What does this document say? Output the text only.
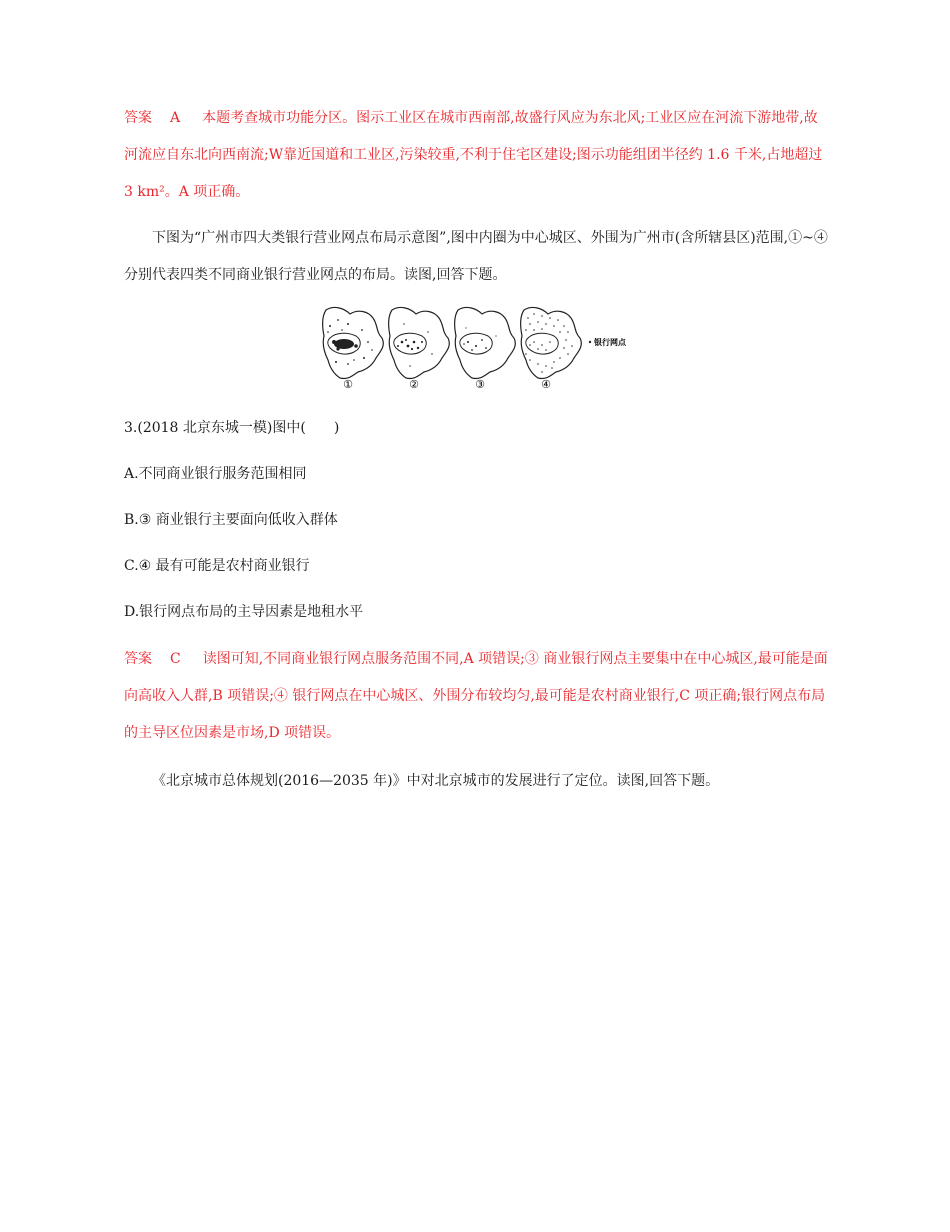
答案 A 本题考查城市功能分区。图示工业区在城市西南部,故盛行风应为东北风;工业区应在河流下游地带,故河流应自东北向西南流;W靠近国道和工业区,污染较重,不利于住宅区建设;图示功能组团半径约 1.6 千米,占地超过 3 km²。A 项正确。

下图为“广州市四大类银行营业网点布局示意图”,图中内圈为中心城区、外围为广州市(含所辖县区)范围,①~④ 分别代表四类不同商业银行营业网点的布局。读图,回答下题。

①	②	③	④
银行网点
3.(2018 北京东城一模)图中(　　)
A.不同商业银行服务范围相同
B.③ 商业银行主要面向低收入群体
C.④ 最有可能是农村商业银行
D.银行网点布局的主导因素是地租水平

答案 C 读图可知,不同商业银行网点服务范围不同,A 项错误;③ 商业银行网点主要集中在中心城区,最可能是面向高收入人群,B 项错误;④ 银行网点在中心城区、外围分布较均匀,最可能是农村商业银行,C 项正确;银行网点布局的主导区位因素是市场,D 项错误。

《北京城市总体规划(2016—2035 年)》中对北京城市的发展进行了定位。读图,回答下题。
